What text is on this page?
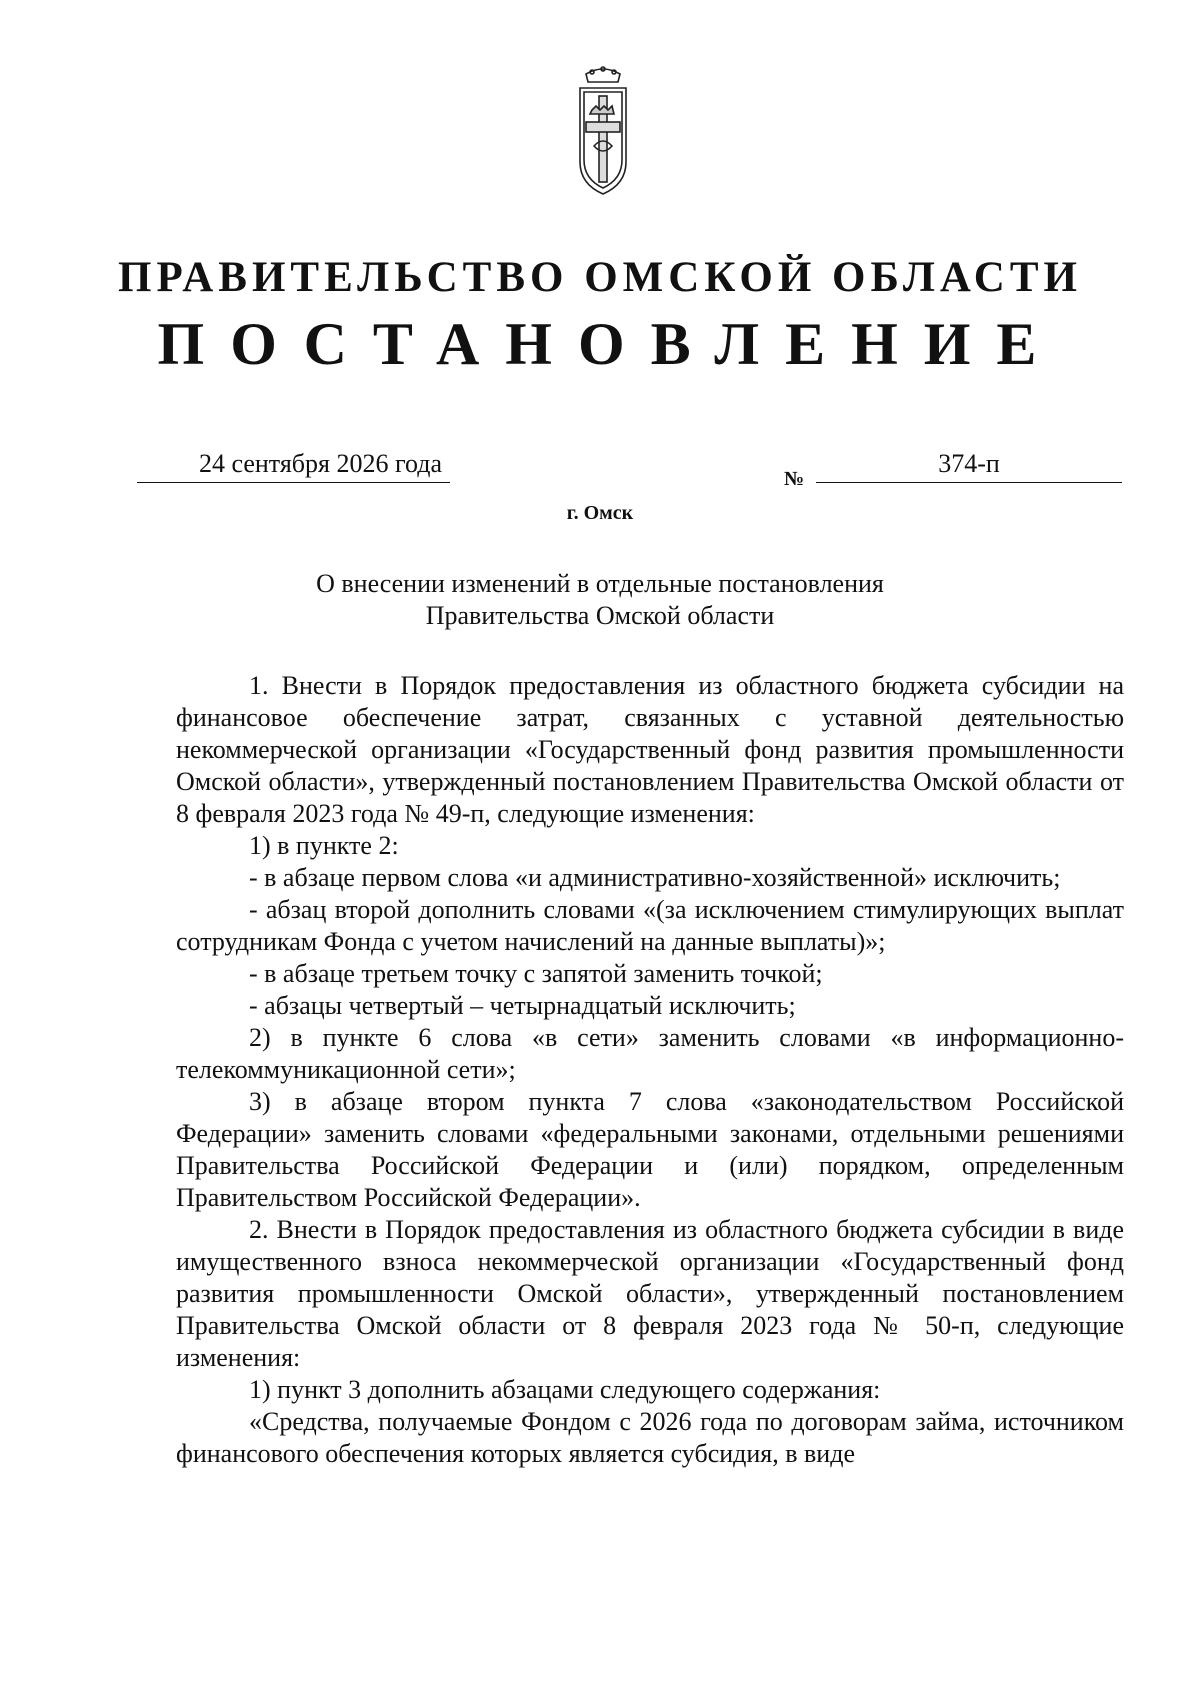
ПРАВИТЕЛЬСТВО ОМСКОЙ ОБЛАСТИ
ПОСТАНОВЛЕНИЕ
24 сентября 2026 года
№
374-п
г. Омск
О внесении изменений в отдельные постановления
Правительства Омской области

1. Внести в Порядок предоставления из областного бюджета субсидии на финансовое обеспечение затрат, связанных с уставной деятельностью некоммерческой организации «Государственный фонд развития промышленности Омской области», утвержденный постановлением Правительства Омской области от 8 февраля 2023 года № 49-п, следующие изменения:

1) в пункте 2:

- в абзаце первом слова «и административно-хозяйственной» исключить;

- абзац второй дополнить словами «(за исключением стимулирующих выплат сотрудникам Фонда с учетом начислений на данные выплаты)»;

- в абзаце третьем точку с запятой заменить точкой;

- абзацы четвертый – четырнадцатый исключить;

2) в пункте 6 слова «в сети» заменить словами «в информационно-телекоммуникационной сети»;

3) в абзаце втором пункта 7 слова «законодательством Российской Федерации» заменить словами «федеральными законами, отдельными решениями Правительства Российской Федерации и (или) порядком, определенным Правительством Российской Федерации».

2. Внести в Порядок предоставления из областного бюджета субсидии в виде имущественного взноса некоммерческой организации «Государственный фонд развития промышленности Омской области», утвержденный постановлением Правительства Омской области от 8 февраля 2023 года № 50-п, следующие изменения:

1) пункт 3 дополнить абзацами следующего содержания:

«Средства, получаемые Фондом с 2026 года по договорам займа, источником финансового обеспечения которых является субсидия, в виде
